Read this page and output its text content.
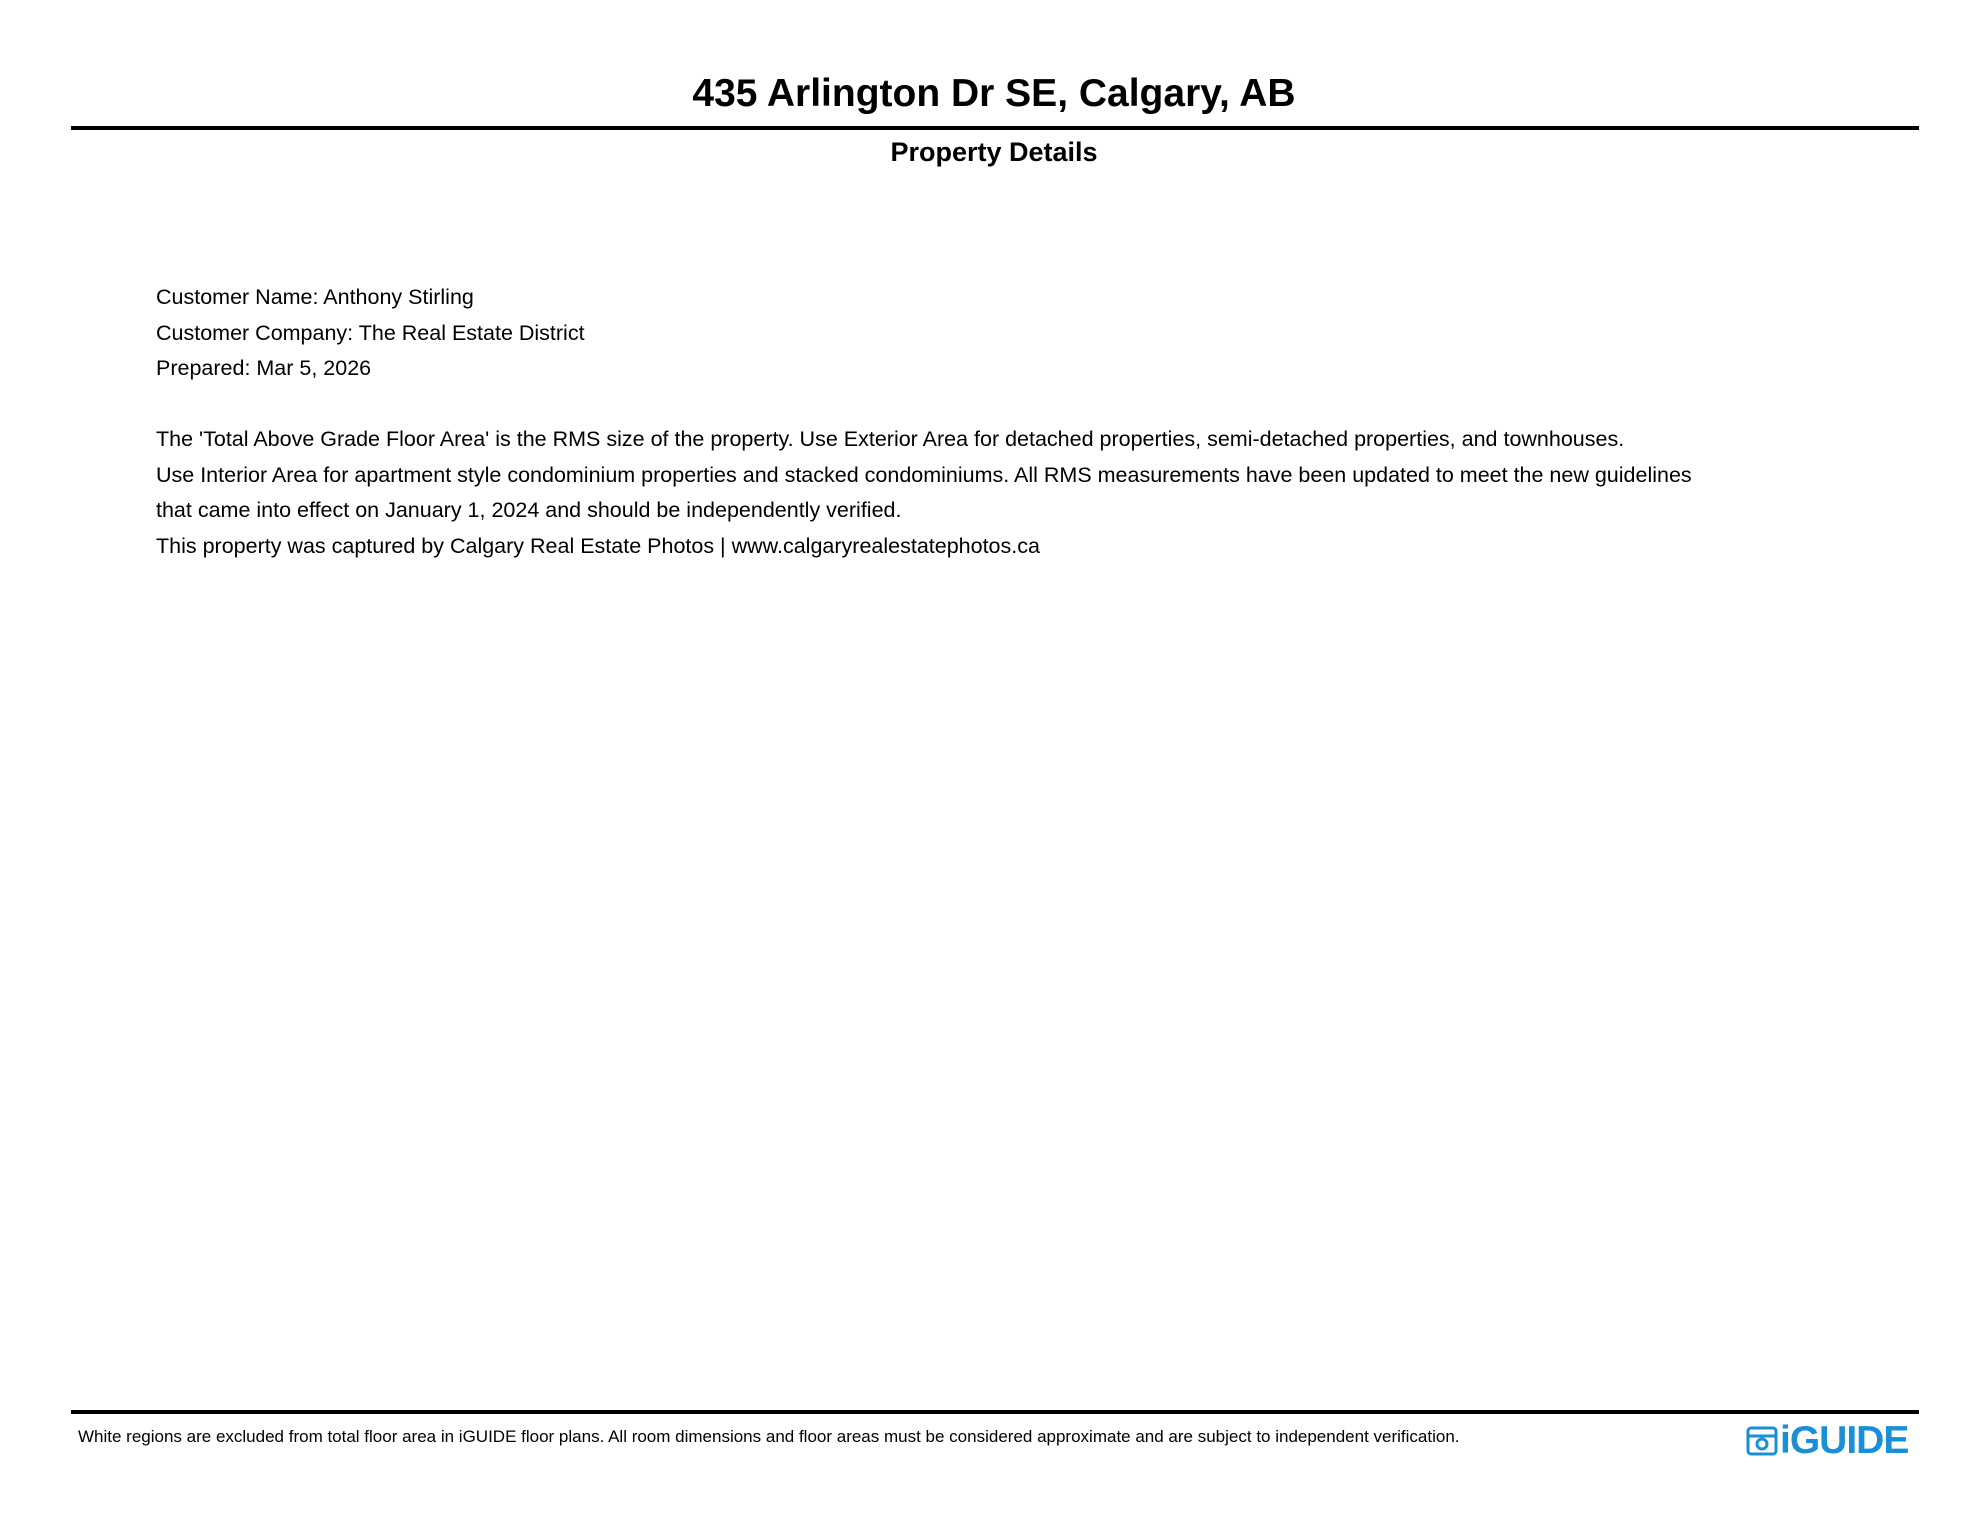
435 Arlington Dr SE, Calgary, AB
Property Details
Customer Name: Anthony Stirling
Customer Company: The Real Estate District
Prepared: Mar 5, 2026
The 'Total Above Grade Floor Area' is the RMS size of the property. Use Exterior Area for detached properties, semi-detached properties, and townhouses.
Use Interior Area for apartment style condominium properties and stacked condominiums. All RMS measurements have been updated to meet the new guidelines
that came into effect on January 1, 2024 and should be independently verified.
This property was captured by Calgary Real Estate Photos | www.calgaryrealestatephotos.ca
White regions are excluded from total floor area in iGUIDE floor plans. All room dimensions and floor areas must be considered approximate and are subject to independent verification.	iGUIDE
